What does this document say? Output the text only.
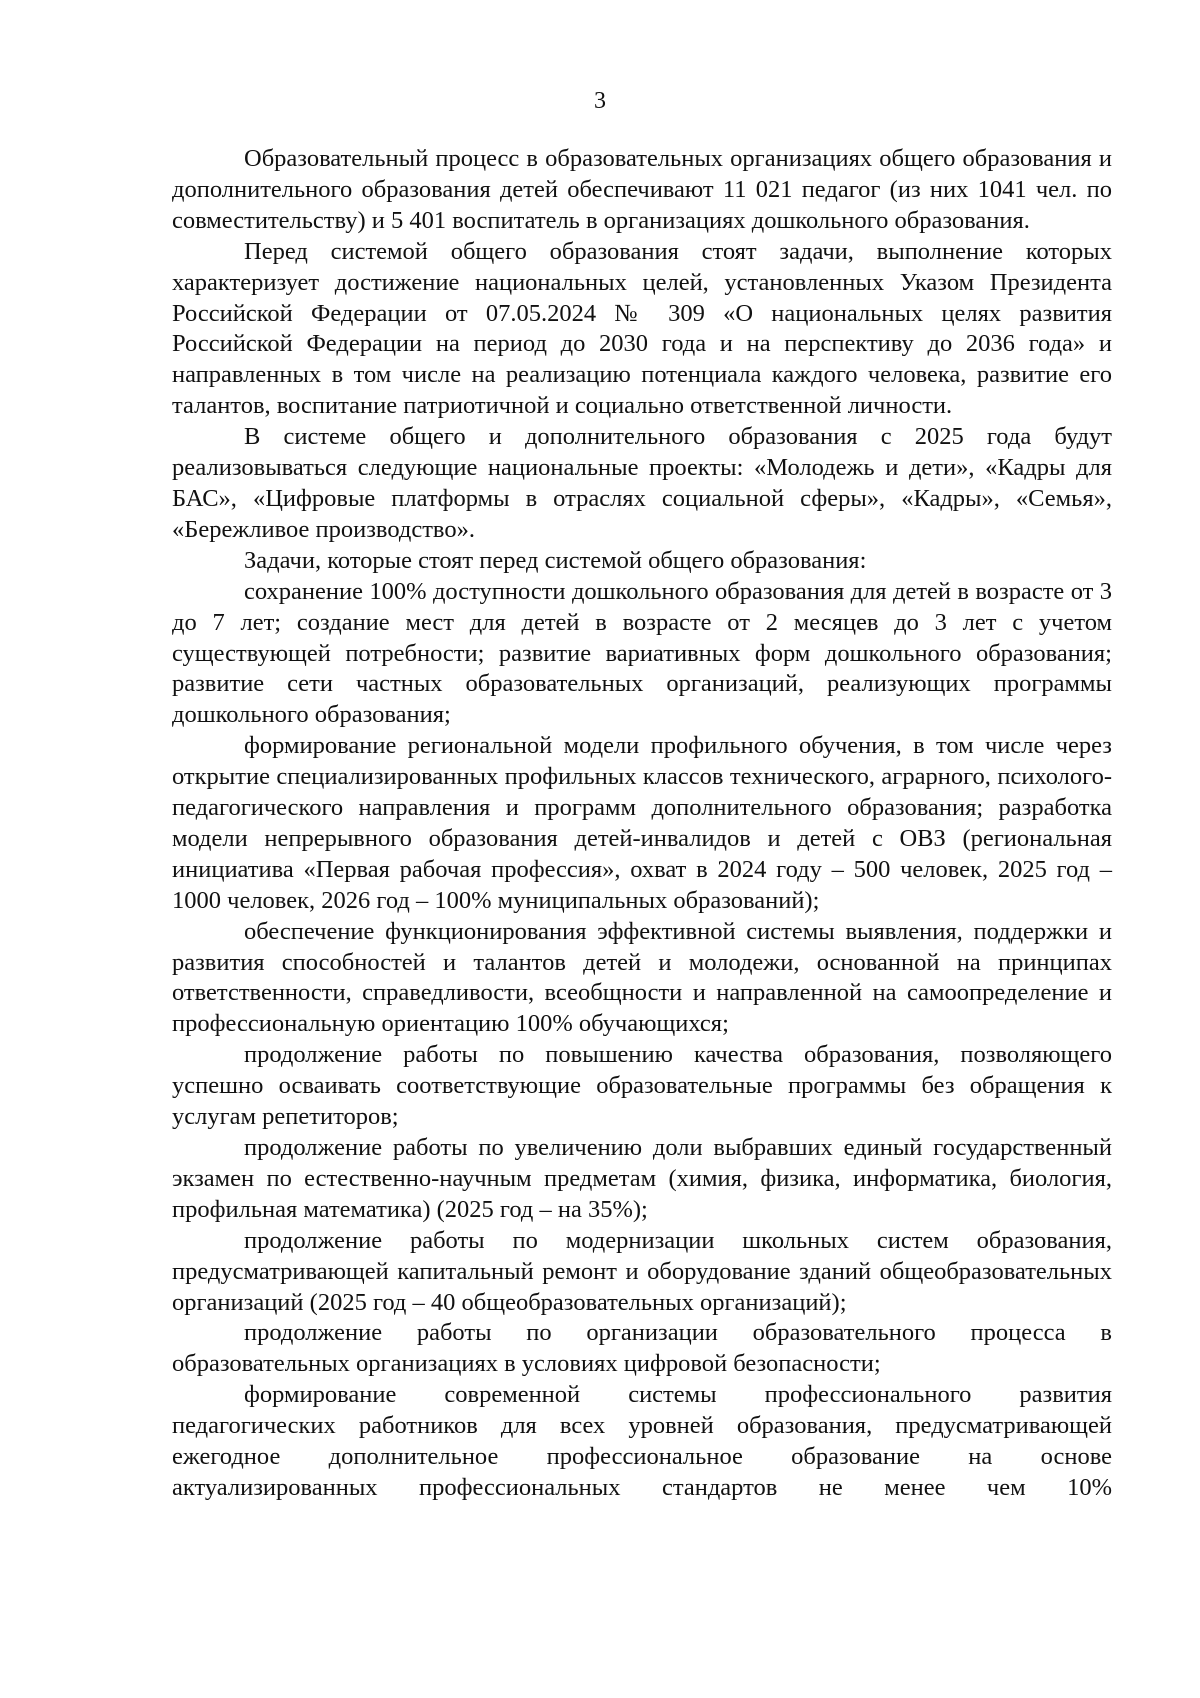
3

Образовательный процесс в образовательных организациях общего образования и дополнительного образования детей обеспечивают 11 021 педагог (из них 1041 чел. по совместительству) и 5 401 воспитатель в организациях дошкольного образования.

Перед системой общего образования стоят задачи, выполнение которых характеризует достижение национальных целей, установленных Указом Президента Российской Федерации от 07.05.2024 № 309 «О национальных целях развития Российской Федерации на период до 2030 года и на перспективу до 2036 года» и направленных в том числе на реализацию потенциала каждого человека, развитие его талантов, воспитание патриотичной и социально ответственной личности.

В системе общего и дополнительного образования с 2025 года будут реализовываться следующие национальные проекты: «Молодежь и дети», «Кадры для БАС», «Цифровые платформы в отраслях социальной сферы», «Кадры», «Семья», «Бережливое производство».

Задачи, которые стоят перед системой общего образования:

сохранение 100% доступности дошкольного образования для детей в возрасте от 3 до 7 лет; создание мест для детей в возрасте от 2 месяцев до 3 лет с учетом существующей потребности; развитие вариативных форм дошкольного образования; развитие сети частных образовательных организаций, реализующих программы дошкольного образования;

формирование региональной модели профильного обучения, в том числе через открытие специализированных профильных классов технического, аграрного, психолого-педагогического направления и программ дополнительного образования; разработка модели непрерывного образования детей-инвалидов и детей с ОВЗ (региональная инициатива «Первая рабочая профессия», охват в 2024 году – 500 человек, 2025 год – 1000 человек, 2026 год – 100% муниципальных образований);

обеспечение функционирования эффективной системы выявления, поддержки и развития способностей и талантов детей и молодежи, основанной на принципах ответственности, справедливости, всеобщности и направленной на самоопределение и профессиональную ориентацию 100% обучающихся;

продолжение работы по повышению качества образования, позволяющего успешно осваивать соответствующие образовательные программы без обращения к услугам репетиторов;

продолжение работы по увеличению доли выбравших единый государственный экзамен по естественно-научным предметам (химия, физика, информатика, биология, профильная математика) (2025 год – на 35%);

продолжение работы по модернизации школьных систем образования, предусматривающей капитальный ремонт и оборудование зданий общеобразовательных организаций (2025 год – 40 общеобразовательных организаций);

продолжение работы по организации образовательного процесса в образовательных организациях в условиях цифровой безопасности;

формирование современной системы профессионального развития педагогических работников для всех уровней образования, предусматривающей ежегодное дополнительное профессиональное образование на основе актуализированных профессиональных стандартов не менее чем 10%
